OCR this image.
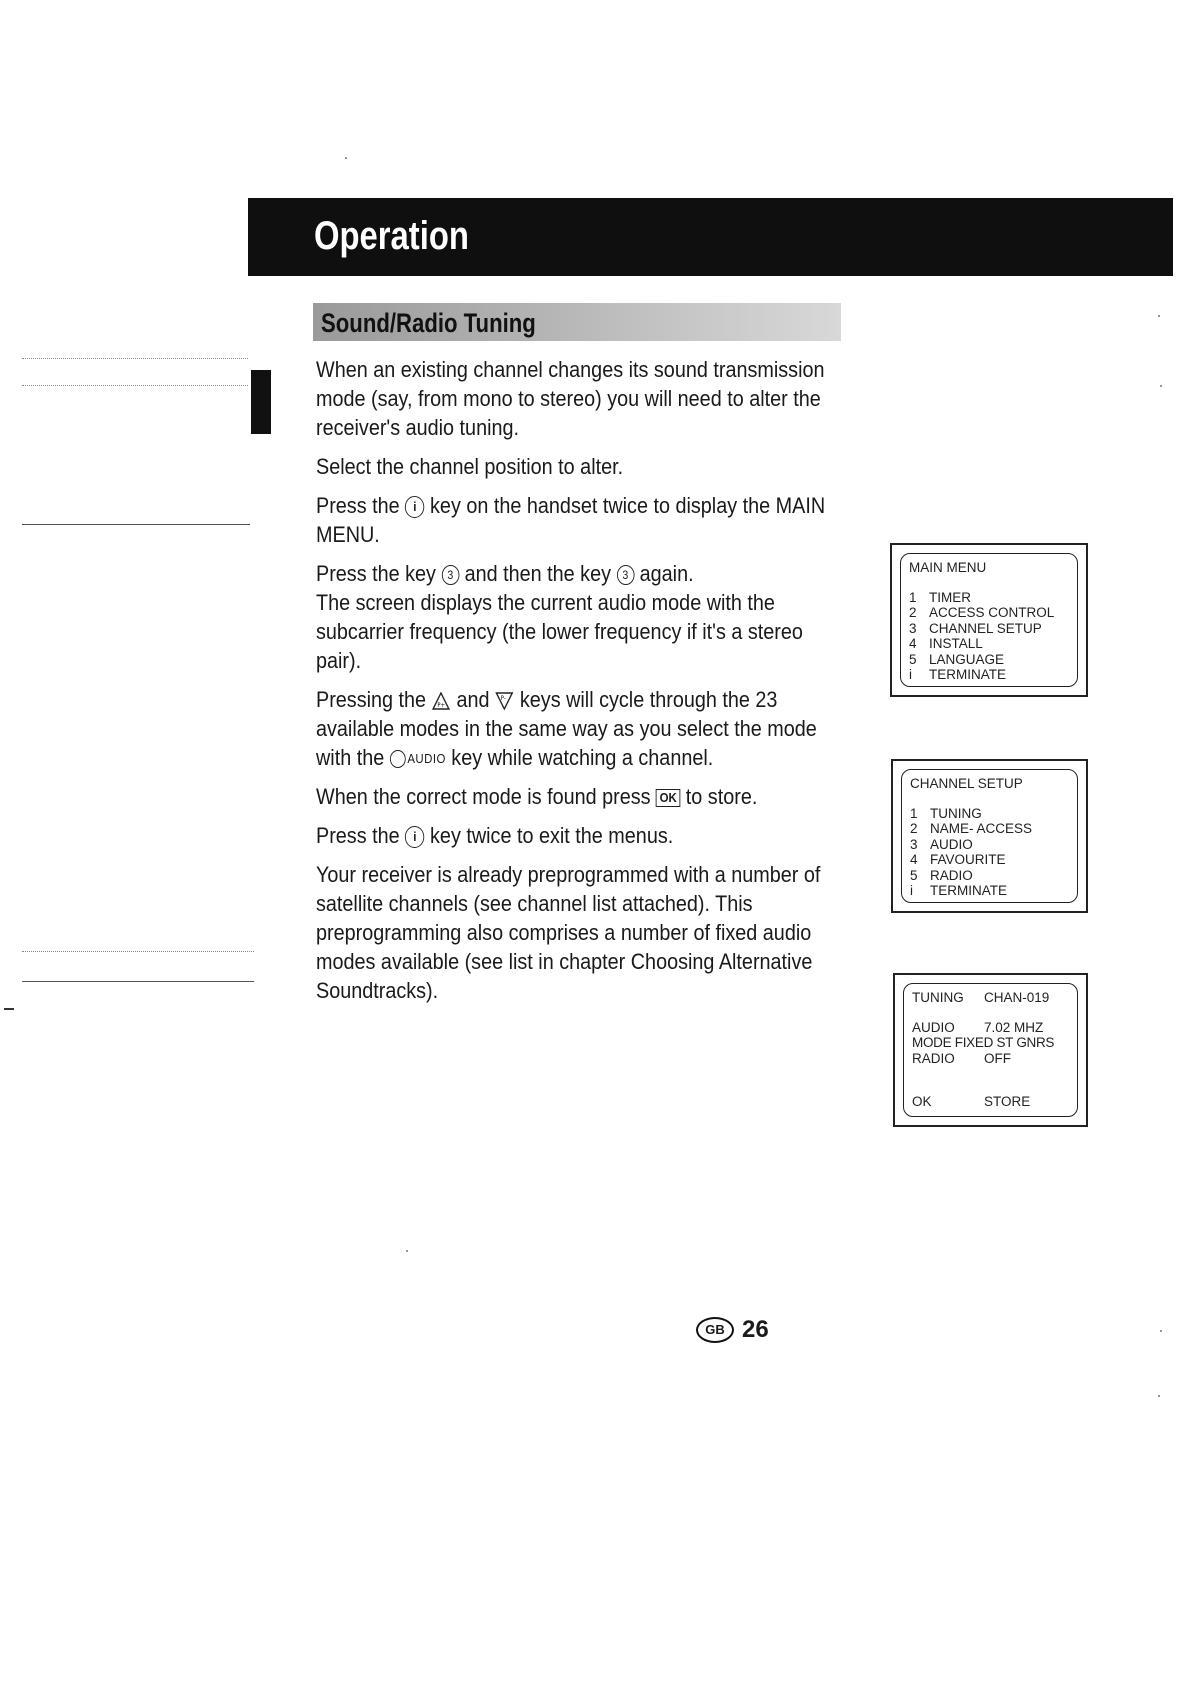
Operation
Sound/Radio Tuning

When an existing channel changes its sound transmission mode (say, from mono to stereo) you will need to alter the receiver's audio tuning.

Select the channel position to alter.

Press the i key on the handset twice to display the MAIN MENU.

Press the key 3 and then the key 3 again.
The screen displays the current audio mode with the subcarrier frequency (the lower frequency if it's a stereo pair).

Pressing the P+ and P- keys will cycle through the 23 available modes in the same way as you select the mode with the AUDIO key while watching a channel.

When the correct mode is found press OK to store.

Press the i key twice to exit the menus.

Your receiver is already preprogrammed with a number of satellite channels (see channel list attached). This preprogramming also comprises a number of fixed audio modes available (see list in chapter Choosing Alternative Soundtracks).

MAIN MENU
1 TIMER
2 ACCESS CONTROL
3 CHANNEL SETUP
4 INSTALL
5 LANGUAGE
i TERMINATE
CHANNEL SETUP
1 TUNING
2 NAME- ACCESS
3 AUDIO
4 FAVOURITE
5 RADIO
i TERMINATE
TUNING CHAN-019
AUDIO 7.02 MHZ
MODE FIXED ST GNRS
RADIO OFF
OK	STORE
GB 26
